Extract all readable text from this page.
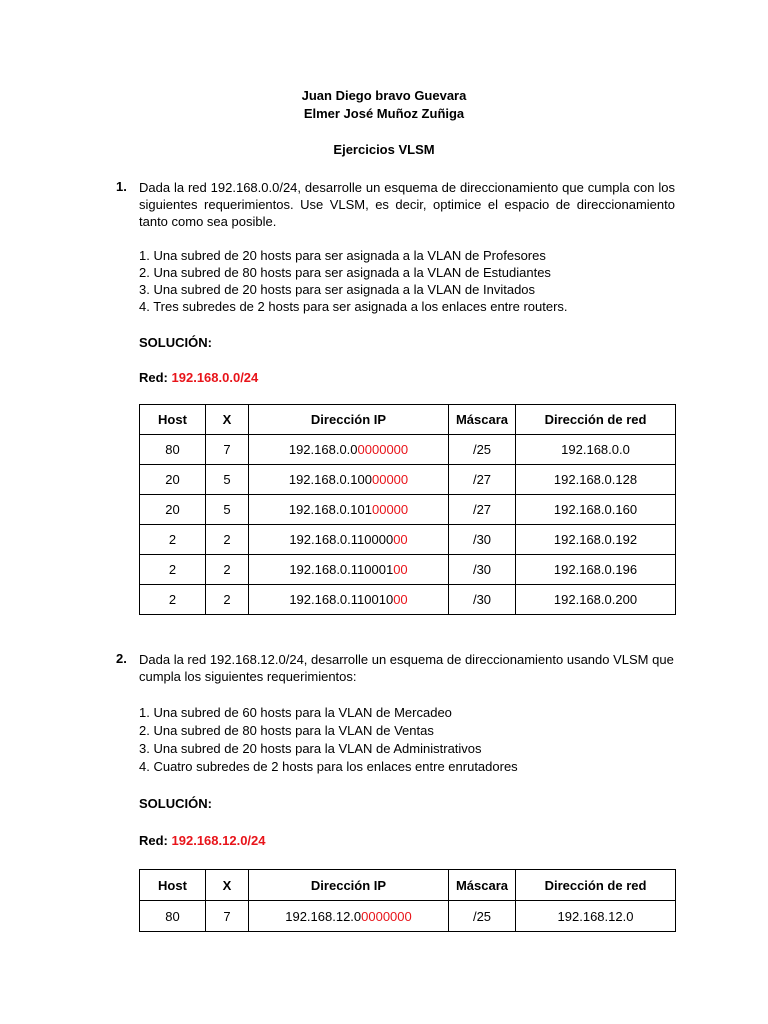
Juan Diego bravo Guevara
Elmer José Muñoz Zuñiga
Ejercicios VLSM
1. Dada la red 192.168.0.0/24, desarrolle un esquema de direccionamiento que cumpla con los siguientes requerimientos. Use VLSM, es decir, optimice el espacio de direccionamiento tanto como sea posible.
1. Una subred de 20 hosts para ser asignada a la VLAN de Profesores
2. Una subred de 80 hosts para ser asignada a la VLAN de Estudiantes
3. Una subred de 20 hosts para ser asignada a la VLAN de Invitados
4. Tres subredes de 2 hosts para ser asignada a los enlaces entre routers.
SOLUCIÓN:
Red: 192.168.0.0/24
Host	X	Dirección IP	Máscara	Dirección de red
80	7	192.168.0.00000000	/25	192.168.0.0
20	5	192.168.0.10000000	/27	192.168.0.128
20	5	192.168.0.10100000	/27	192.168.0.160
2	2	192.168.0.11000000	/30	192.168.0.192
2	2	192.168.0.11000100	/30	192.168.0.196
2	2	192.168.0.11001000	/30	192.168.0.200
2. Dada la red 192.168.12.0/24, desarrolle un esquema de direccionamiento usando VLSM que cumpla los siguientes requerimientos:
1. Una subred de 60 hosts para la VLAN de Mercadeo
2. Una subred de 80 hosts para la VLAN de Ventas
3. Una subred de 20 hosts para la VLAN de Administrativos
4. Cuatro subredes de 2 hosts para los enlaces entre enrutadores
SOLUCIÓN:
Red: 192.168.12.0/24
Host	X	Dirección IP	Máscara	Dirección de red
80	7	192.168.12.00000000	/25	192.168.12.0
